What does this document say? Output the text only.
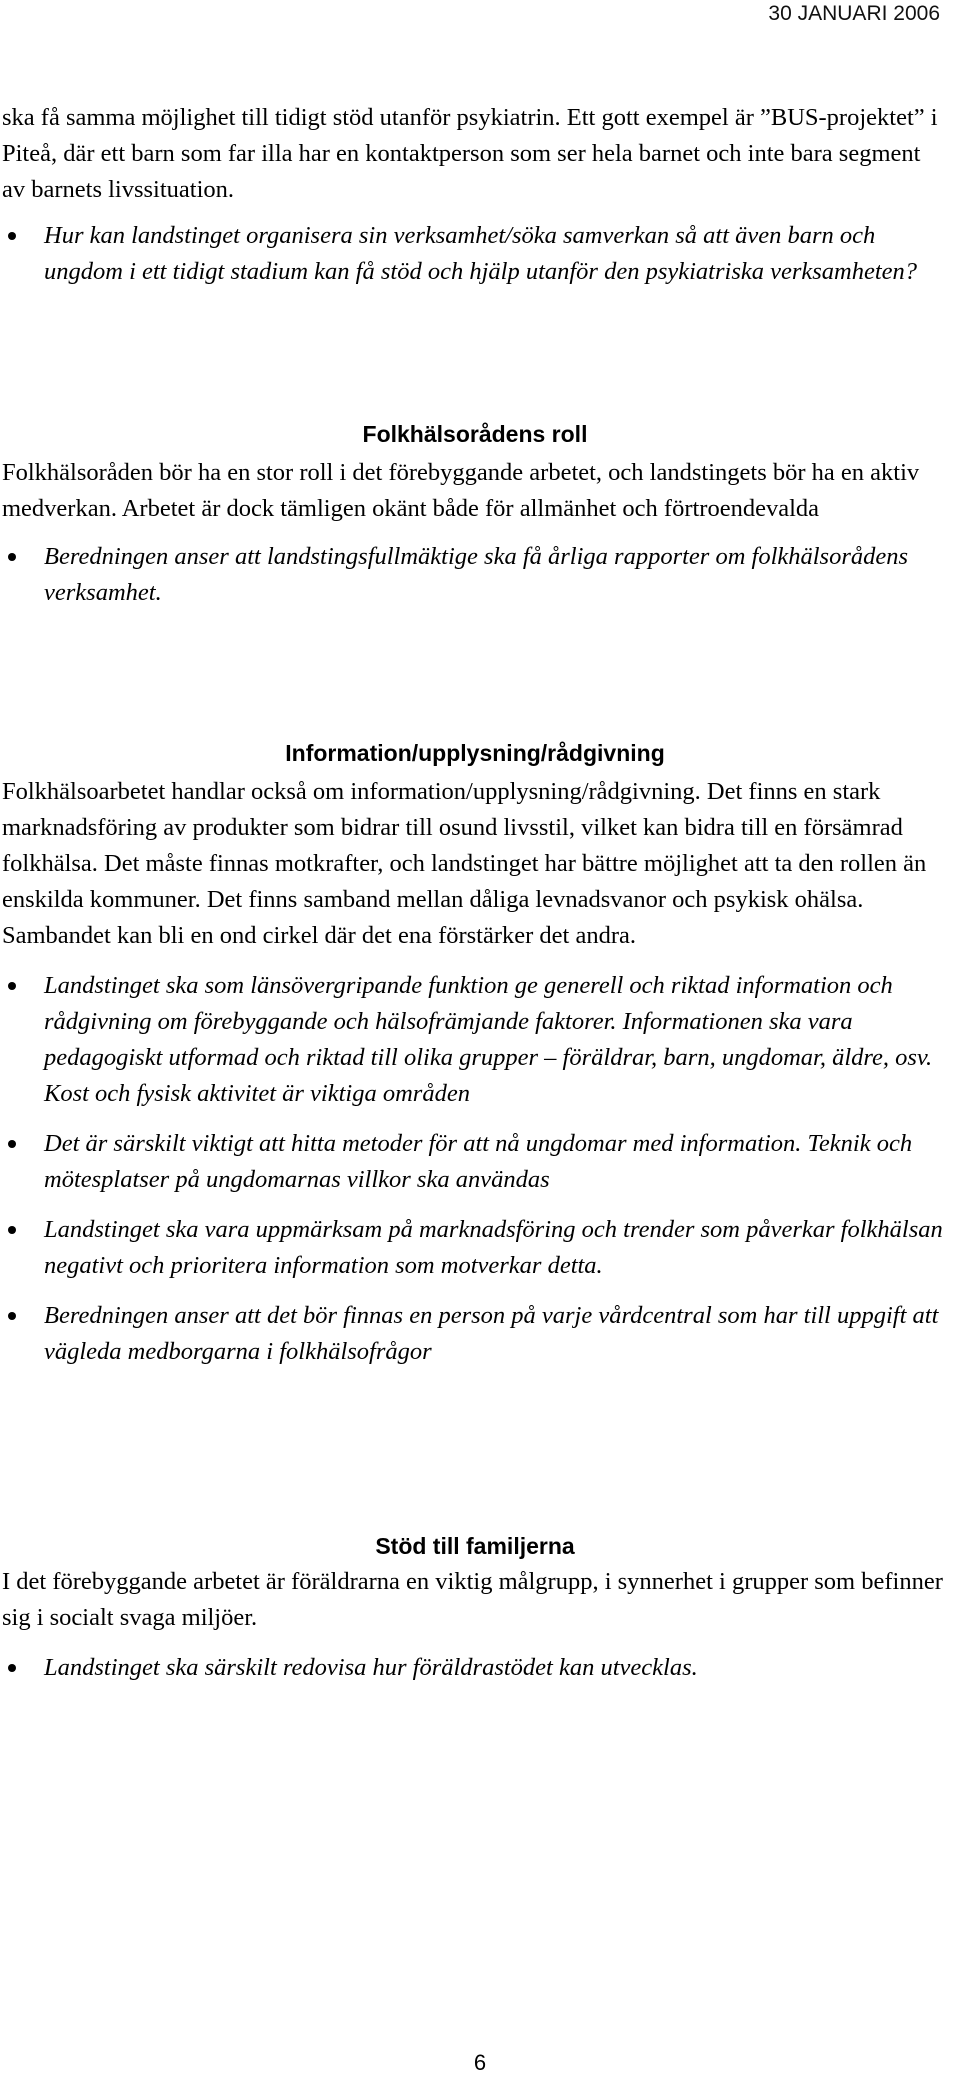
30 JANUARI 2006

ska få samma möjlighet till tidigt stöd utanför psykiatrin. Ett gott exempel är ”BUS-projektet” i Piteå, där ett barn som far illa har en kontaktperson som ser hela barnet och inte bara segment av barnets livssituation.

Hur kan landstinget organisera sin verksamhet/söka samverkan så att även barn och ungdom i ett tidigt stadium kan få stöd och hjälp utanför den psykiatriska verksamheten?
Folkhälsorådens roll

Folkhälsoråden bör ha en stor roll i det förebyggande arbetet, och landstingets bör ha en aktiv medverkan. Arbetet är dock tämligen okänt både för allmänhet och förtroendevalda

Beredningen anser att landstingsfullmäktige ska få årliga rapporter om folkhälsorådens verksamhet.
Information/upplysning/rådgivning

Folkhälsoarbetet handlar också om information/upplysning/rådgivning. Det finns en stark marknadsföring av produkter som bidrar till osund livsstil, vilket kan bidra till en försämrad folkhälsa. Det måste finnas motkrafter, och landstinget har bättre möjlighet att ta den rollen än enskilda kommuner. Det finns samband mellan dåliga levnadsvanor och psykisk ohälsa. Sambandet kan bli en ond cirkel där det ena förstärker det andra.

Landstinget ska som länsövergripande funktion ge generell och riktad information och rådgivning om förebyggande och hälsofrämjande faktorer. Informationen ska vara pedagogiskt utformad och riktad till olika grupper – föräldrar, barn, ungdomar, äldre, osv. Kost och fysisk aktivitet är viktiga områden
Det är särskilt viktigt att hitta metoder för att nå ungdomar med information. Teknik och mötesplatser på ungdomarnas villkor ska användas
Landstinget ska vara uppmärksam på marknadsföring och trender som påverkar folkhälsan negativt och prioritera information som motverkar detta.
Beredningen anser att det bör finnas en person på varje vårdcentral som har till uppgift att vägleda medborgarna i folkhälsofrågor
Stöd till familjerna

I det förebyggande arbetet är föräldrarna en viktig målgrupp, i synnerhet i grupper som befinner sig i socialt svaga miljöer.

Landstinget ska särskilt redovisa hur föräldrastödet kan utvecklas.
6
